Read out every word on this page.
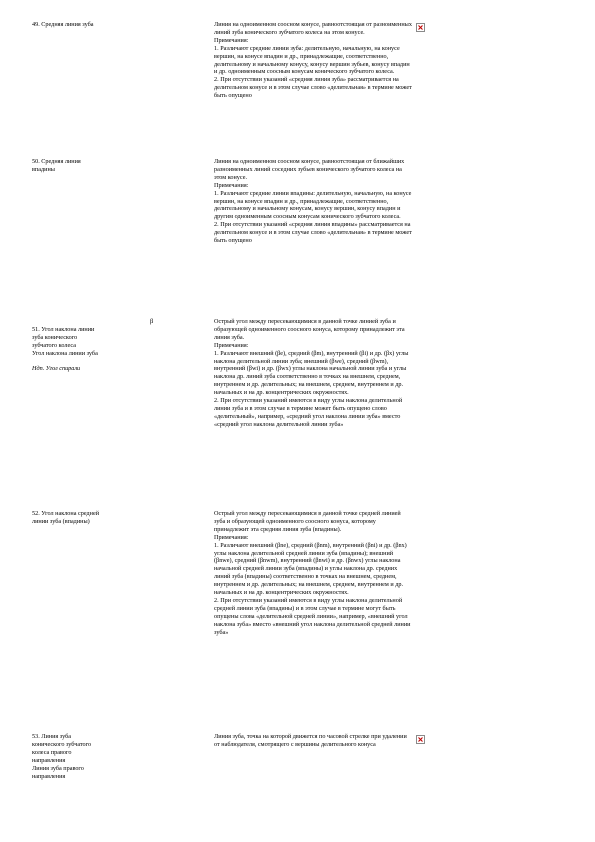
49. Средняя линия зуба	Линия на одноименном соосном конусе, равноотстоящая от разноименных линий зуба конического зубчатого колеса на этом конусе.
Примечания:
1. Различают средние линии зуба: делительную, начальную, на конусе вершин, на конусе впадин и др., принадлежащие, соответственно, делительному и начальному конусу, конусу вершин зубьев, конусу впадин и др. одноименным соосным конусам конического зубчатого колеса.
2. При отсутствии указаний «средняя линия зуба» рассматривается на делительном конусе и в этом случае слово «делительная» в термине может быть опущено
50. Средняя линия
впадины
Линия на одноименном соосном конусе, равноотстоящая от ближайших разноименных линий соседних зубьев конического зубчатого колеса на этом конусе.
Примечания:
1. Различают средние линии впадины: делительную, начальную, на конусе вершин, на конусе впадин и др., принадлежащие, соответственно, делительному и начальному конусам, конусу вершин, конусу впадин и другим одноименным соосным конусам конического зубчатого колеса.
2. При отсутствии указаний «средняя линия впадины» рассматривается на делительном конусе и в этом случае слово «делительная» в термине может быть опущено

51. Угол наклона линии
зуба конического
зубчатого колеса
Угол наклона линии зуба

Ндп. Угол спирали

β	Острый угол между пересекающимися в данной точке линией зуба и образующей одноименного соосного конуса, которому принадлежит эта линия зуба.
Примечания:
1. Различают внешний (βe), средний (βm), внутренний (βi) и др. (βx) углы наклона делительной линии зуба; внешний (βwe), средний (βwm), внутренний (βwi) и др. (βwx) углы наклона начальной линии зуба и углы наклона др. линий зуба соответственно в точках на внешнем, среднем, внутреннем и др. делительных; на внешнем, среднем, внутреннем и др. начальных и на др. концентрических окружностях.
2. При отсутствии указаний имеются в виду углы наклона делительной линии зуба и в этом случае в термине может быть опущено слово «делительный», например, «средний угол наклона линии зуба» вместо «средний угол наклона делительной линии зуба»
52. Угол наклона средней
линии зуба (впадины)
Острый угол между пересекающимися в данной точке средней линией зуба и образующей одноименного соосного конуса, которому принадлежит эта средняя линия зуба (впадины).
Примечания:
1. Различают внешний (βne), средний (βnm), внутренний (βni) и др. (βnx) углы наклона делительной средней линии зуба (впадины); внешний (βnwe), средний (βnwm), внутренний (βnwi) и др. (βnwx) углы наклона начальной средней линии зуба (впадины) и углы наклона др. средних линий зуба (впадины) соответственно в точках на внешнем, среднем, внутреннем и др. делительных; на внешнем, среднем, внутреннем и др. начальных и на др. концентрических окружностях.
2. При отсутствии указаний имеются в виду углы наклона делительной средней линии зуба (впадины) и в этом случае в термине могут быть опущены слова «делительной средней линии», например, «внешний угол наклона зуба» вместо «внешний угол наклона делительной средней линии зуба»
53. Линия зуба
конического зубчатого
колеса правого
направления
Линия зуба правого
направления
Линия зуба, точка на которой движется по часовой стрелке при удалении от наблюдателя, смотрящего с вершины делительного конуса
